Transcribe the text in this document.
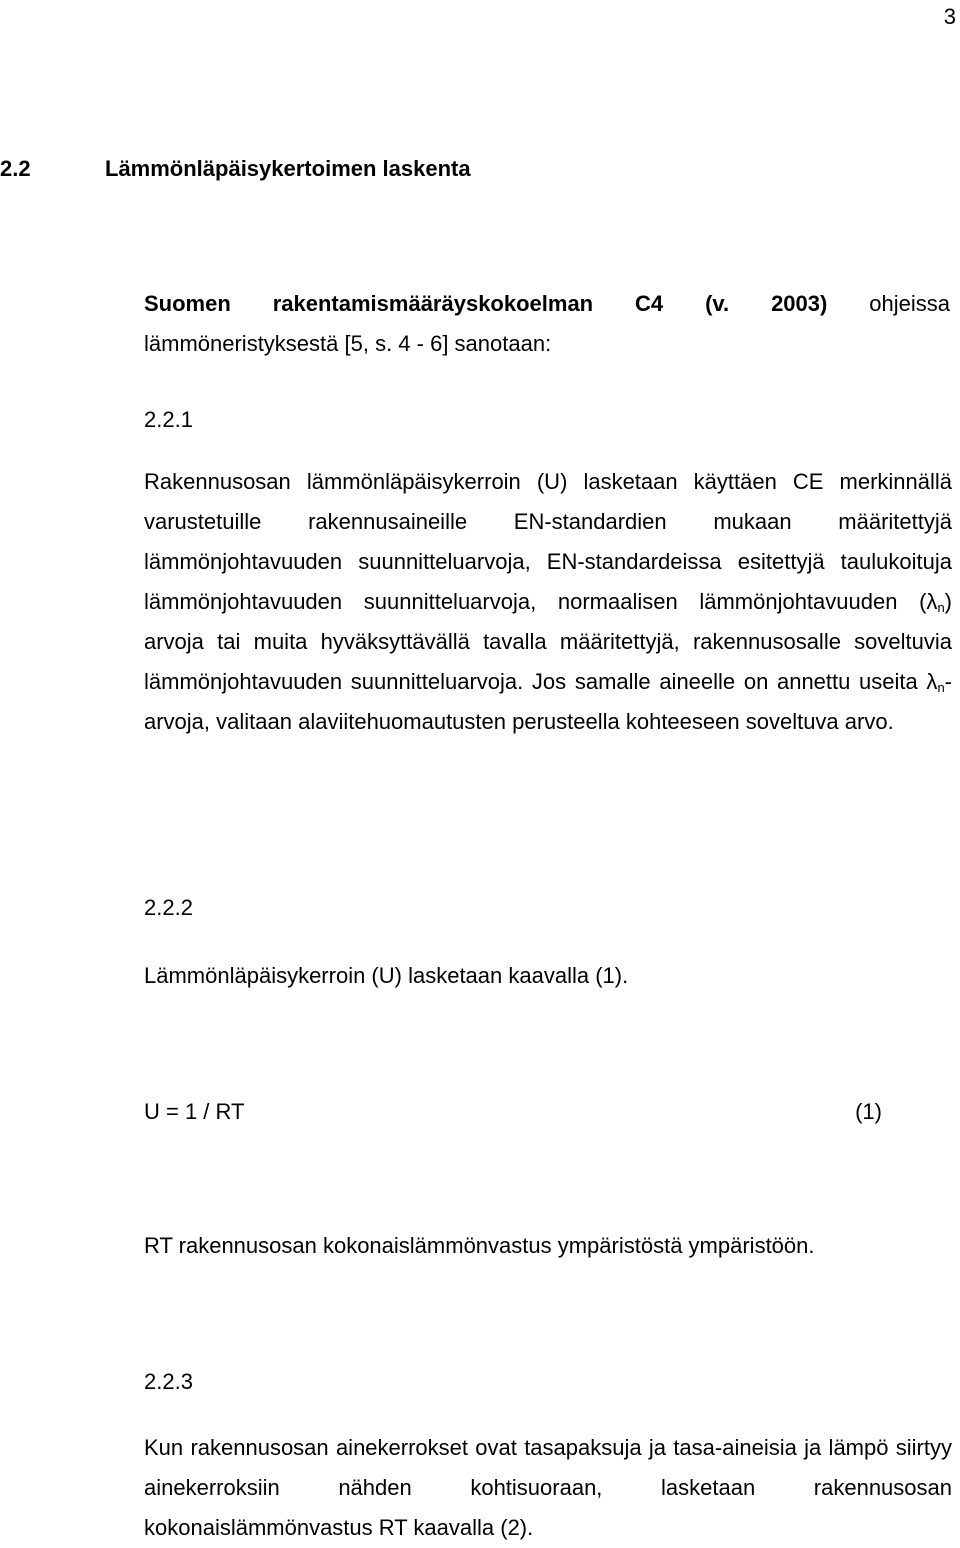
3
2.2	Lämmönläpäisykertoimen laskenta

Suomen rakentamismääräyskokoelman C4 (v. 2003) ohjeissa lämmöneristyksestä [5, s. 4 - 6] sanotaan:

2.2.1

Rakennusosan lämmönläpäisykerroin (U) lasketaan käyttäen CE merkinnällä varustetuille rakennusaineille EN-standardien mukaan määritettyjä lämmönjohtavuuden suunnitteluarvoja, EN-standardeissa esitettyjä taulukoituja lämmönjohtavuuden suunnitteluarvoja, normaalisen lämmönjohtavuuden $(\lambda_n)$ arvoja tai muita hyväksyttävällä tavalla määritettyjä, rakennusosalle soveltuvia lämmönjohtavuuden suunnitteluarvoja. Jos samalle aineelle on annettu useita $\lambda_n$-arvoja, valitaan alaviitehuomautusten perusteella kohteeseen soveltuva arvo.

2.2.2

Lämmönläpäisykerroin (U) lasketaan kaavalla (1).

U = 1 / RT	(1)

RT rakennusosan kokonaislämmönvastus ympäristöstä ympäristöön.

2.2.3

Kun rakennusosan ainekerrokset ovat tasapaksuja ja tasa-aineisia ja lämpö siirtyy ainekerroksiin nähden kohtisuoraan, lasketaan rakennusosan kokonaislämmönvastus RT kaavalla (2).
